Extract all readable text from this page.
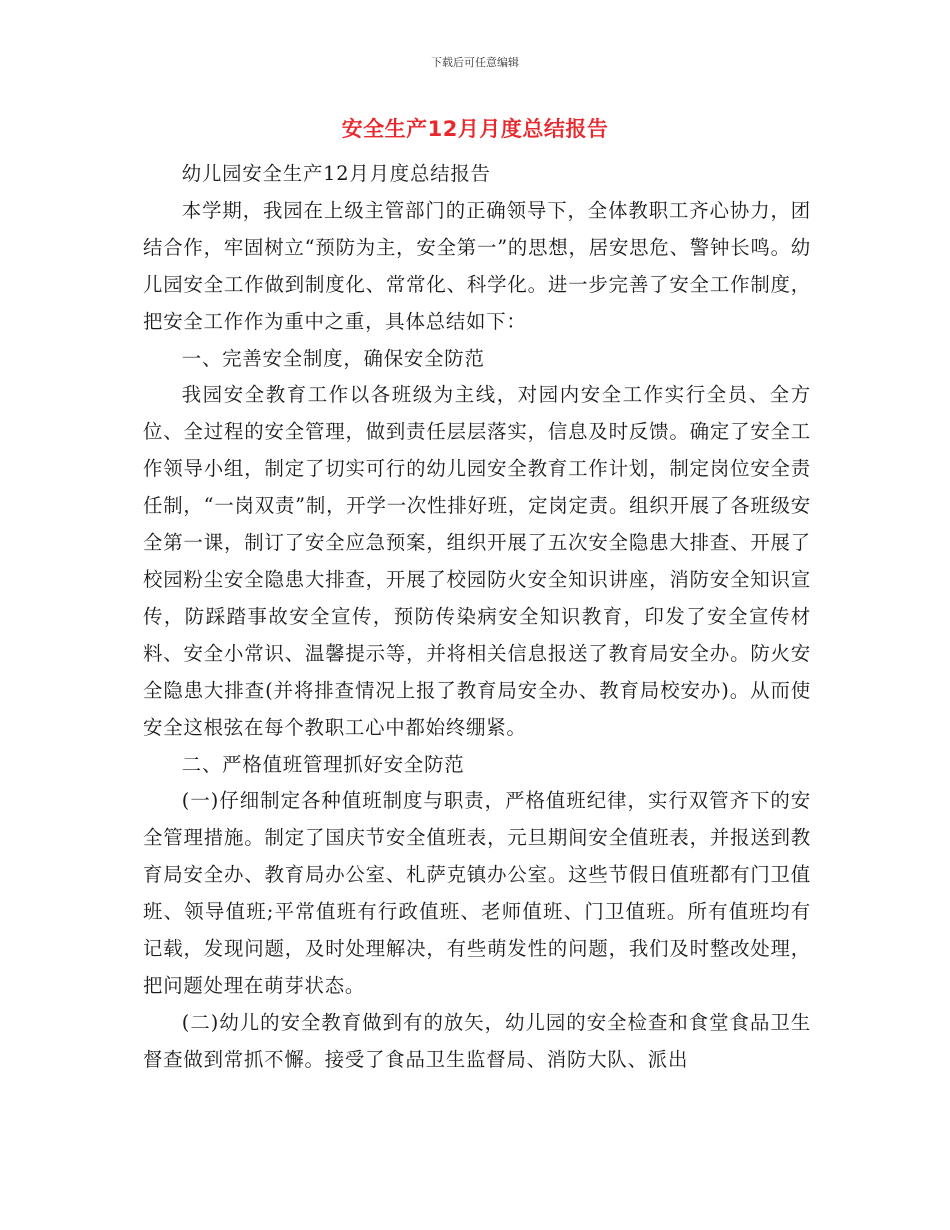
下载后可任意编辑
安全生产12月月度总结报告

幼儿园安全生产12月月度总结报告

本学期，我园在上级主管部门的正确领导下，全体教职工齐心协力，团结合作，牢固树立“预防为主，安全第一”的思想，居安思危、警钟长鸣。幼儿园安全工作做到制度化、常常化、科学化。进一步完善了安全工作制度，把安全工作作为重中之重，具体总结如下：

一、完善安全制度，确保安全防范

我园安全教育工作以各班级为主线，对园内安全工作实行全员、全方位、全过程的安全管理，做到责任层层落实，信息及时反馈。确定了安全工作领导小组，制定了切实可行的幼儿园安全教育工作计划，制定岗位安全责任制，“一岗双责”制，开学一次性排好班，定岗定责。组织开展了各班级安全第一课，制订了安全应急预案，组织开展了五次安全隐患大排查、开展了校园粉尘安全隐患大排查，开展了校园防火安全知识讲座，消防安全知识宣传，防踩踏事故安全宣传，预防传染病安全知识教育，印发了安全宣传材料、安全小常识、温馨提示等，并将相关信息报送了教育局安全办。防火安全隐患大排查(并将排查情况上报了教育局安全办、教育局校安办)。从而使安全这根弦在每个教职工心中都始终绷紧。

二、严格值班管理抓好安全防范

(一)仔细制定各种值班制度与职责，严格值班纪律，实行双管齐下的安全管理措施。制定了国庆节安全值班表，元旦期间安全值班表，并报送到教育局安全办、教育局办公室、札萨克镇办公室。这些节假日值班都有门卫值班、领导值班;平常值班有行政值班、老师值班、门卫值班。所有值班均有记载，发现问题，及时处理解决，有些萌发性的问题，我们及时整改处理，把问题处理在萌芽状态。

(二)幼儿的安全教育做到有的放矢，幼儿园的安全检查和食堂食品卫生督查做到常抓不懈。接受了食品卫生监督局、消防大队、派出
